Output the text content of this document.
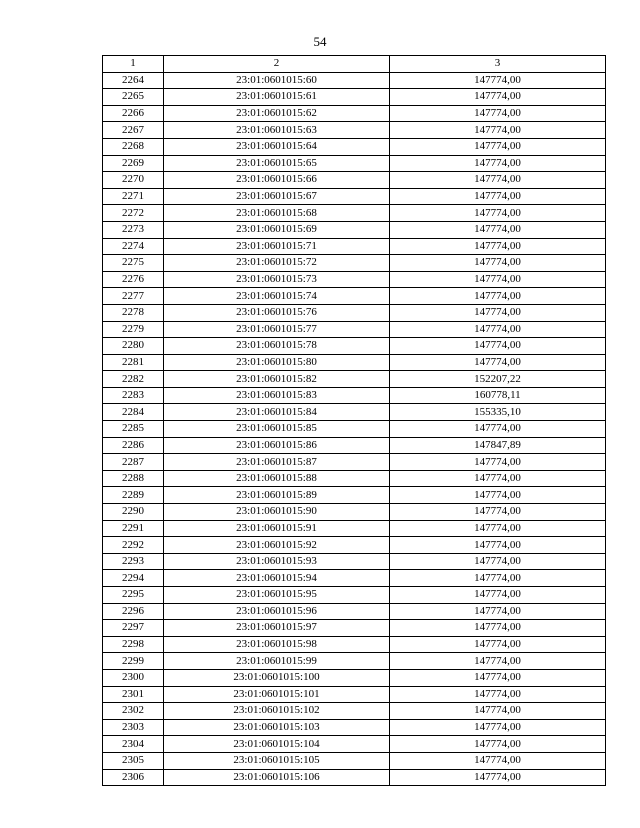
54
1	2	3
2264	23:01:0601015:60	147774,00
2265	23:01:0601015:61	147774,00
2266	23:01:0601015:62	147774,00
2267	23:01:0601015:63	147774,00
2268	23:01:0601015:64	147774,00
2269	23:01:0601015:65	147774,00
2270	23:01:0601015:66	147774,00
2271	23:01:0601015:67	147774,00
2272	23:01:0601015:68	147774,00
2273	23:01:0601015:69	147774,00
2274	23:01:0601015:71	147774,00
2275	23:01:0601015:72	147774,00
2276	23:01:0601015:73	147774,00
2277	23:01:0601015:74	147774,00
2278	23:01:0601015:76	147774,00
2279	23:01:0601015:77	147774,00
2280	23:01:0601015:78	147774,00
2281	23:01:0601015:80	147774,00
2282	23:01:0601015:82	152207,22
2283	23:01:0601015:83	160778,11
2284	23:01:0601015:84	155335,10
2285	23:01:0601015:85	147774,00
2286	23:01:0601015:86	147847,89
2287	23:01:0601015:87	147774,00
2288	23:01:0601015:88	147774,00
2289	23:01:0601015:89	147774,00
2290	23:01:0601015:90	147774,00
2291	23:01:0601015:91	147774,00
2292	23:01:0601015:92	147774,00
2293	23:01:0601015:93	147774,00
2294	23:01:0601015:94	147774,00
2295	23:01:0601015:95	147774,00
2296	23:01:0601015:96	147774,00
2297	23:01:0601015:97	147774,00
2298	23:01:0601015:98	147774,00
2299	23:01:0601015:99	147774,00
2300	23:01:0601015:100	147774,00
2301	23:01:0601015:101	147774,00
2302	23:01:0601015:102	147774,00
2303	23:01:0601015:103	147774,00
2304	23:01:0601015:104	147774,00
2305	23:01:0601015:105	147774,00
2306	23:01:0601015:106	147774,00
